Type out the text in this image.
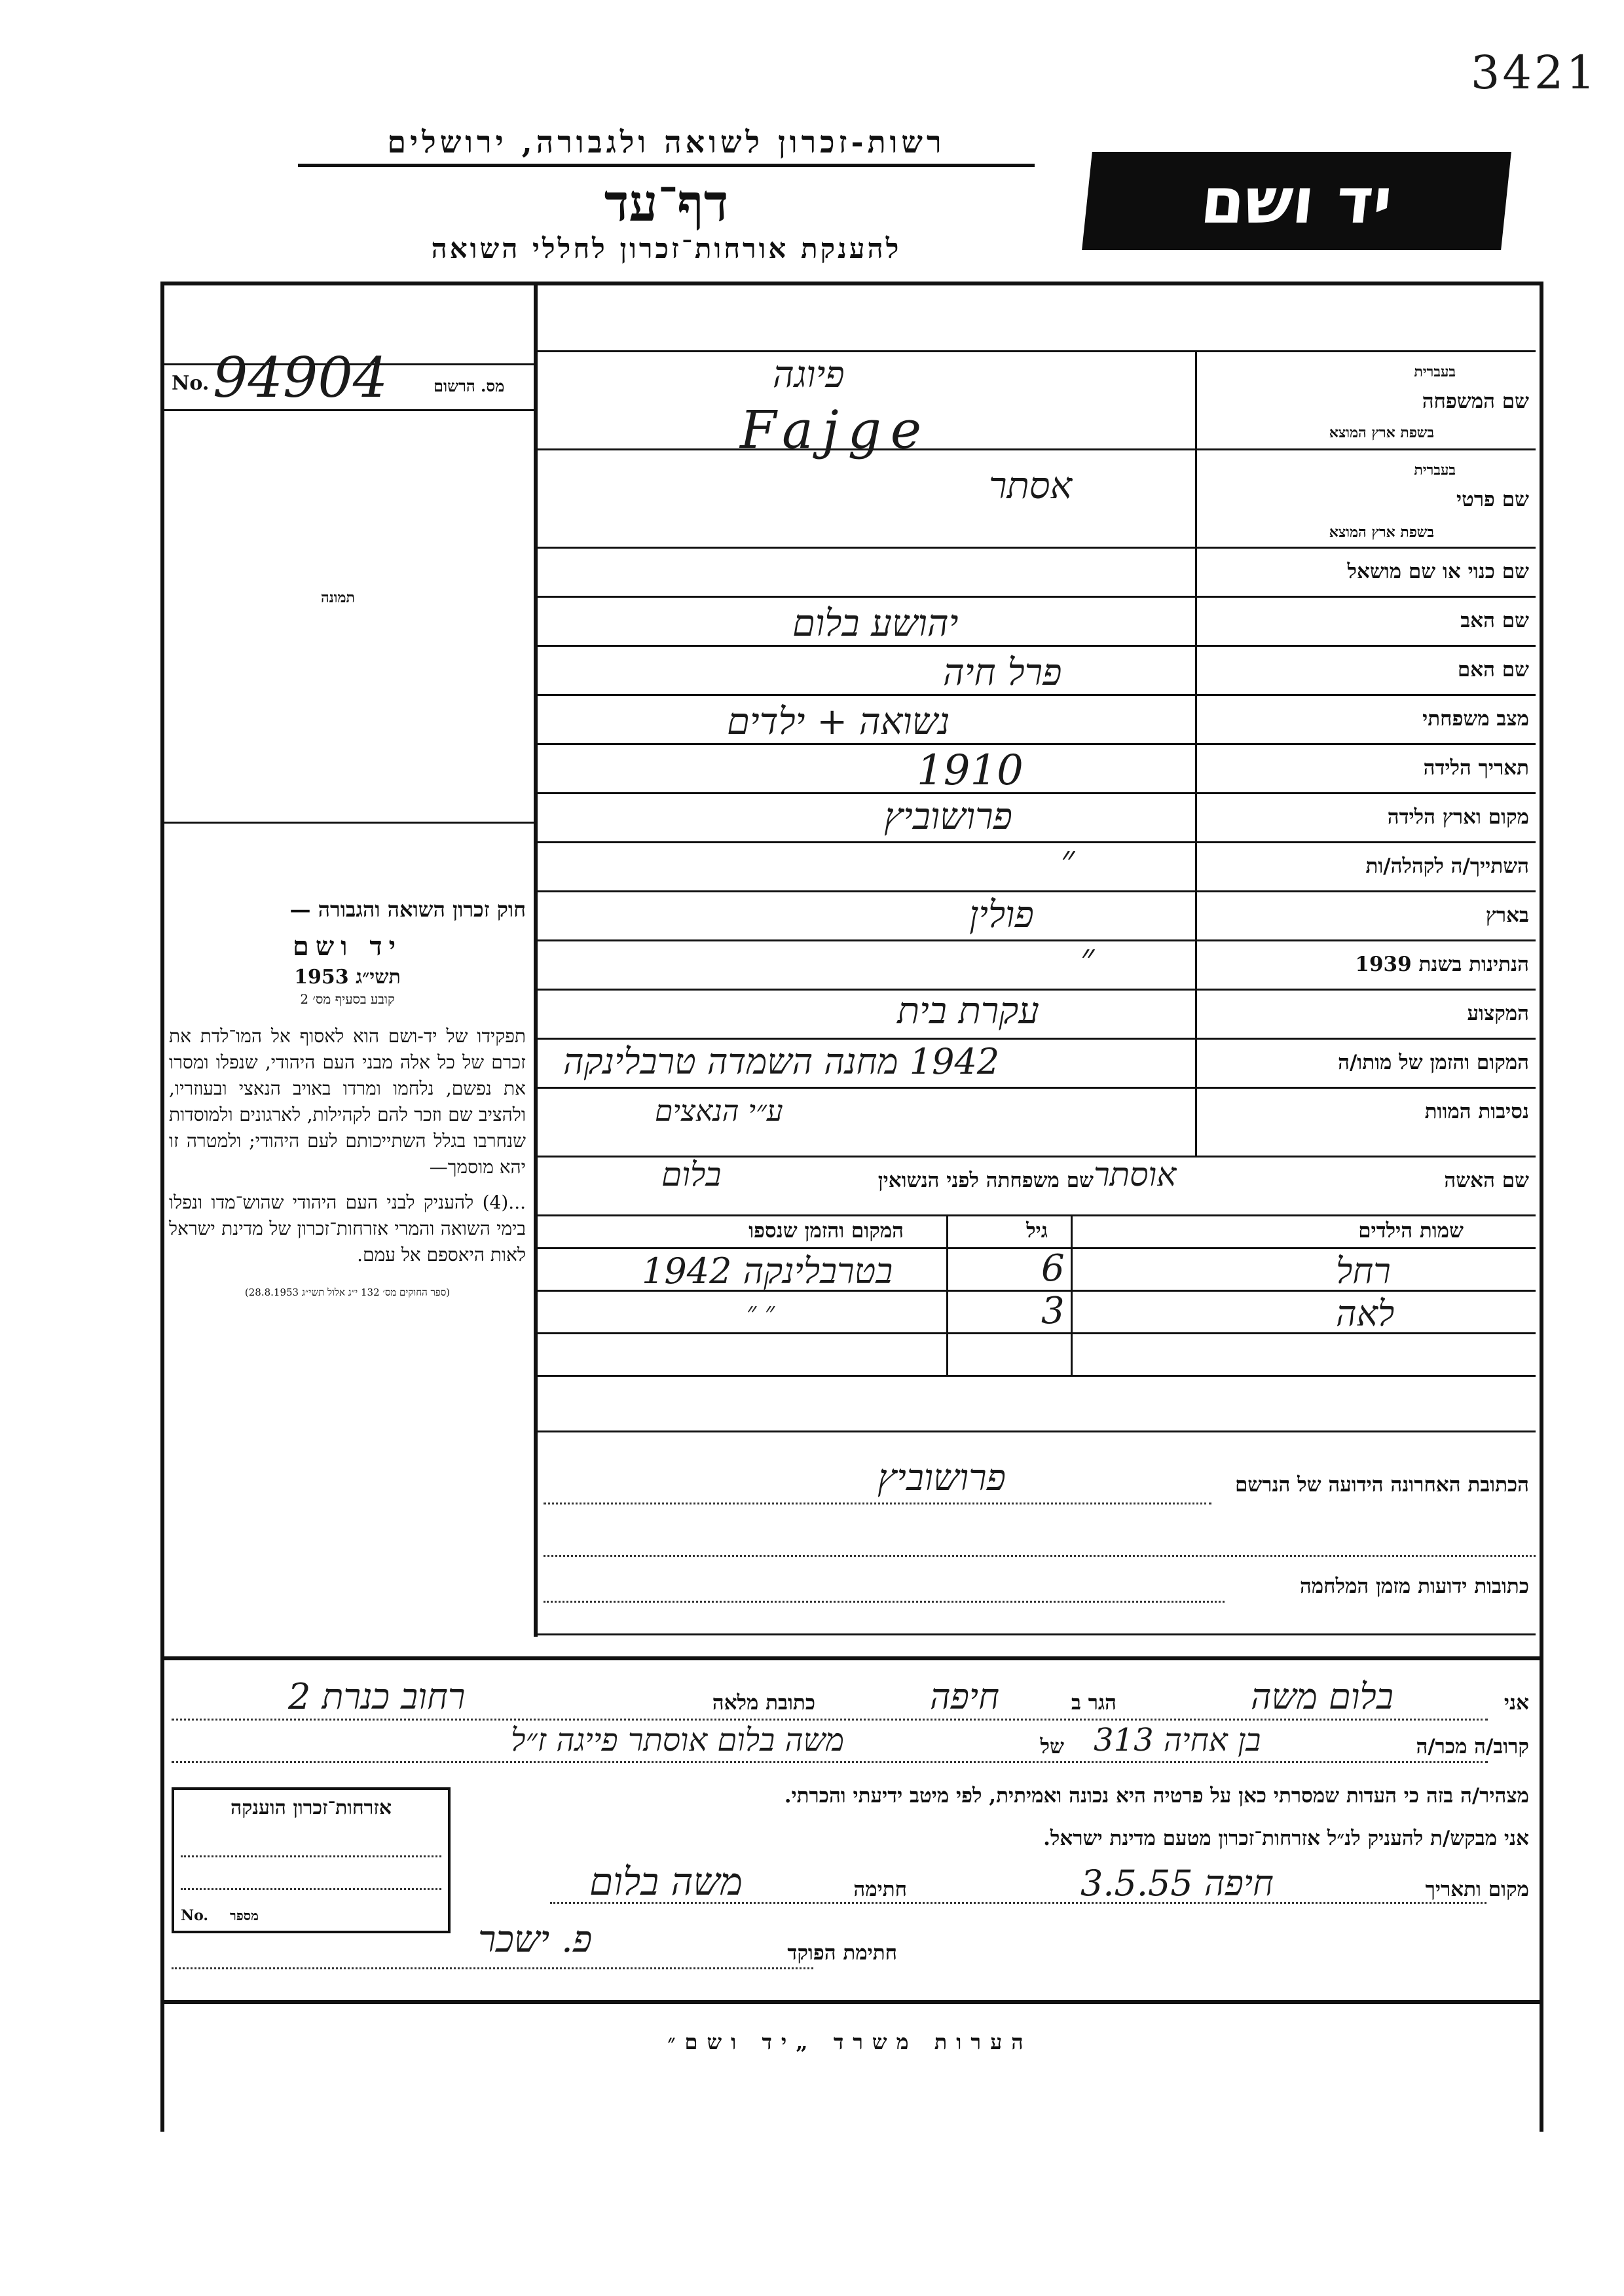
3421
רשות-זכרון לשואה ולגבורה, ירושלים
דף־עד
להענקת אורחות־זכרון לחללי השואה
יד ושם
No. 94904	מס. הרשום
תמונה
בעברית
שם המשפחה
בשפת ארץ המוצא
פיוגה
Fajge
בעברית
שם פרטי
בשפת ארץ המוצא
אסתר
שם כנוי או שם מושאל
שם האב
יהושע בלום
שם האם
פרל חיה
מצב משפחתי
נשואה + ילדים
תאריך הלידה
1910
מקום וארץ הלידה
פרושוביץ
השתייך/ה לקהלה/ות
״
בארץ
פולין
הנתינות בשנת 1939
״
המקצוע
עקרת בית
המקום והזמן של מותו/ה
1942 מחנה השמדה טרבלינקה
נסיבות המוות
ע״י הנאצים
חוק זכרון השואה והגבורה —
יד ושם
תשי״ג 1953
קובע בסעיף מס׳ 2
תפקידו של יד-ושם הוא לאסוף אל המו־לדת את זכרם של כל אלה מבני העם היהודי, שנפלו ומסרו את נפשם, נלחמו ומרדו באויב הנאצי ובעוזריו, ולהציב שם וזכר להם לקהילות, לארגונים ולמוסדות שנחרבו בגלל השתייכותם לעם היהודי; ולמטרה זו יהא מוסמך—
...(4) להעניק לבני העם היהודי שהוש־מדו ונפלו בימי השואה והמרי אזרחות־זכרון של מדינת ישראל לאות היאספם אל עמם.
(ספר החוקים מס׳ 132 י״ג אלול תשי״ג 28.8.1953)
שם האשה
אוסתר
שם משפחתה לפני הנשואין
בלום
שמות הילדים
גיל
המקום והזמן שנספו
רחל
6
בטרבלינקה 1942
לאה
3
״ ״
הכתובת האחרונה הידועה של הנרשם
פרושוביץ
כתובות ידועות מזמן המלחמה
אני
בלום משה
הגר ב
חיפה
כתובת מלאה
רחוב כנרת 2
קרוב/ה מכר/ה
בן אחיה 313
של
משה בלום אוסתר פייגה ז״ל
מצהיר/ה בזה כי העדות שמסרתי כאן על פרטיה היא נכונה ואמיתית, לפי מיטב ידיעתי והכרתי.
אני מבקש/ת להעניק לנ״ל אזרחות־זכרון מטעם מדינת ישראל.
מקום ותאריך
חיפה 3.5.55
חתימה
משה בלום
חתימת הפוקד
פ. ישכר
אזרחות־זכרון הוענקה
No. מספר
הערות משרד „יד ושם״
